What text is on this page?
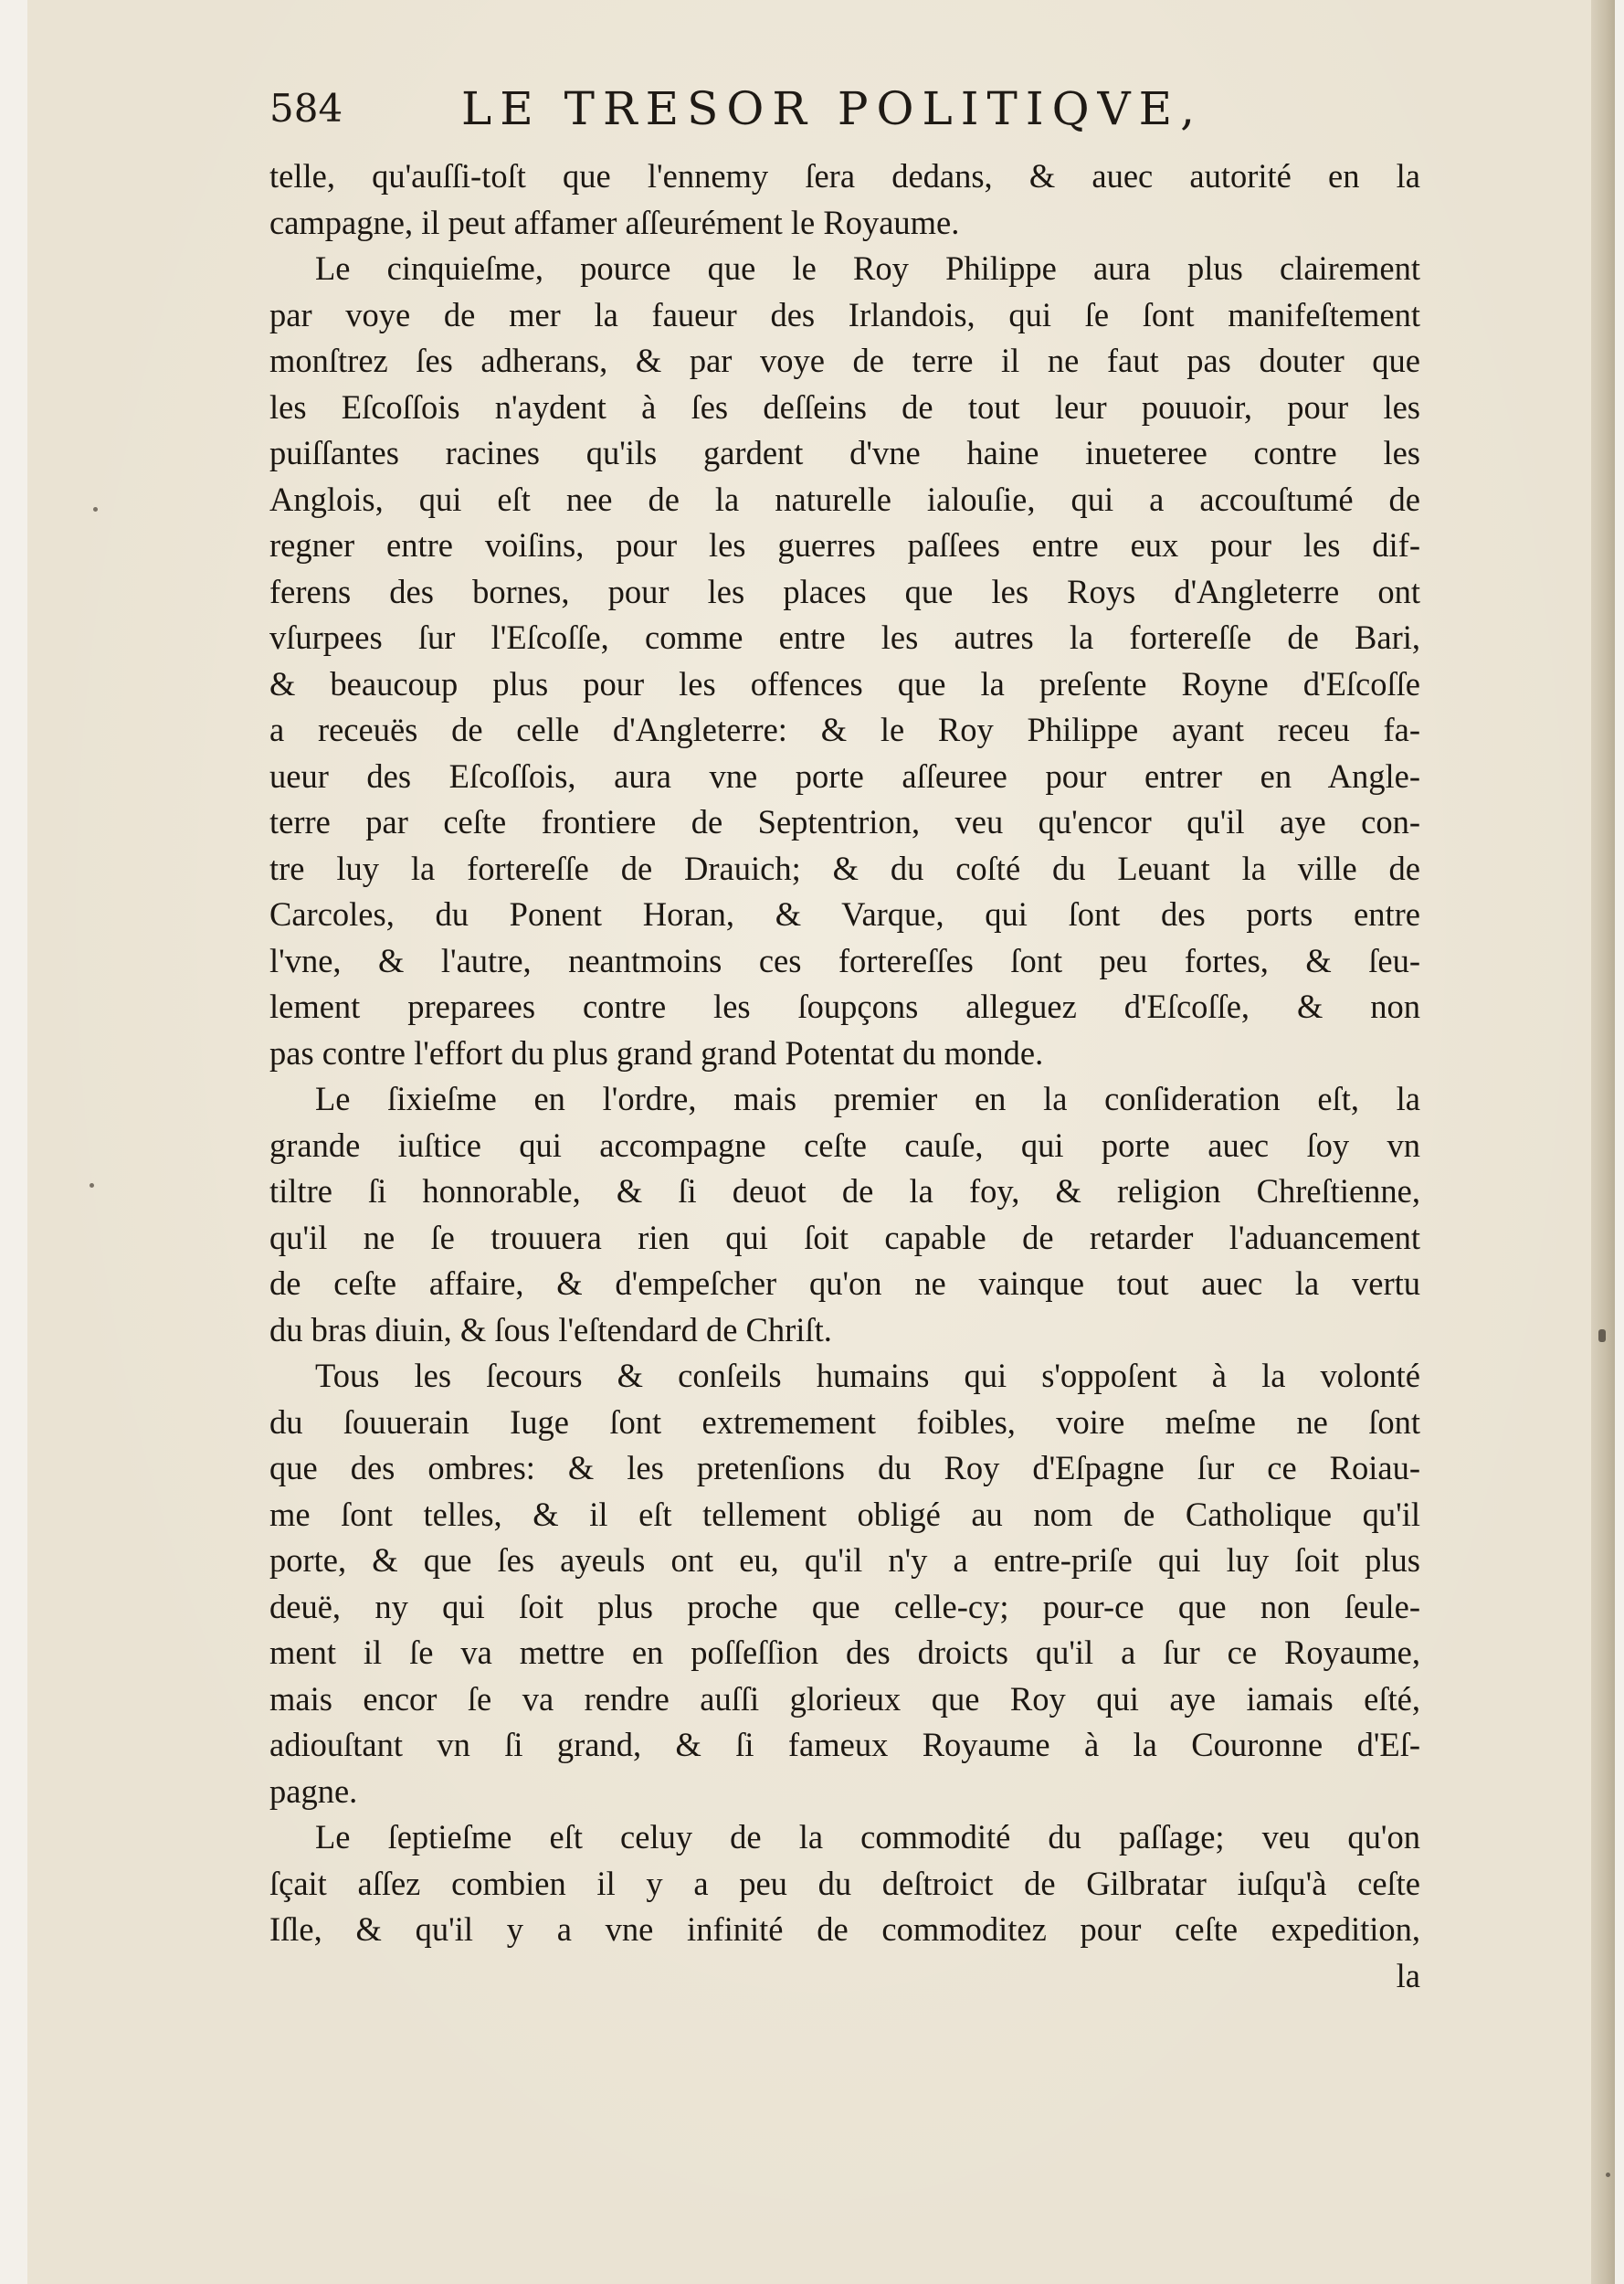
584	LE TRESOR POLITIQVE,
telle, qu'auſſi-toſt que l'ennemy ſera dedans, & auec autorité en la
campagne, il peut affamer aſſeurément le Royaume.
Le cinquieſme, pource que le Roy Philippe aura plus clairement
par voye de mer la faueur des Irlandois, qui ſe ſont manifeſtement
monſtrez ſes adherans, & par voye de terre il ne faut pas douter que
les Eſcoſſois n'aydent à ſes deſſeins de tout leur pouuoir, pour les
puiſſantes racines qu'ils gardent d'vne haine inueteree contre les
Anglois, qui eſt nee de la naturelle ialouſie, qui a accouſtumé de
regner entre voiſins, pour les guerres paſſees entre eux pour les dif-
ferens des bornes, pour les places que les Roys d'Angleterre ont
vſurpees ſur l'Eſcoſſe, comme entre les autres la fortereſſe de Bari,
& beaucoup plus pour les offences que la preſente Royne d'Eſcoſſe
a receuës de celle d'Angleterre: & le Roy Philippe ayant receu fa-
ueur des Eſcoſſois, aura vne porte aſſeuree pour entrer en Angle-
terre par ceſte frontiere de Septentrion, veu qu'encor qu'il aye con-
tre luy la fortereſſe de Drauich; & du coſté du Leuant la ville de
Carcoles, du Ponent Horan, & Varque, qui ſont des ports entre
l'vne, & l'autre, neantmoins ces fortereſſes ſont peu fortes, & ſeu-
lement preparees contre les ſoupçons alleguez d'Eſcoſſe, & non
pas contre l'effort du plus grand grand Potentat du monde.
Le ſixieſme en l'ordre, mais premier en la conſideration eſt, la
grande iuſtice qui accompagne ceſte cauſe, qui porte auec ſoy vn
tiltre ſi honnorable, & ſi deuot de la foy, & religion Chreſtienne,
qu'il ne ſe trouuera rien qui ſoit capable de retarder l'aduancement
de ceſte affaire, & d'empeſcher qu'on ne vainque tout auec la vertu
du bras diuin, & ſous l'eſtendard de Chriſt.
Tous les ſecours & conſeils humains qui s'oppoſent à la volonté
du ſouuerain Iuge ſont extremement foibles, voire meſme ne ſont
que des ombres: & les pretenſions du Roy d'Eſpagne ſur ce Roiau-
me ſont telles, & il eſt tellement obligé au nom de Catholique qu'il
porte, & que ſes ayeuls ont eu, qu'il n'y a entre-priſe qui luy ſoit plus
deuë, ny qui ſoit plus proche que celle-cy; pour-ce que non ſeule-
ment il ſe va mettre en poſſeſſion des droicts qu'il a ſur ce Royaume,
mais encor ſe va rendre auſſi glorieux que Roy qui aye iamais eſté,
adiouſtant vn ſi grand, & ſi fameux Royaume à la Couronne d'Eſ-
pagne.
Le ſeptieſme eſt celuy de la commodité du paſſage; veu qu'on
ſçait aſſez combien il y a peu du deſtroict de Gilbratar iuſqu'à ceſte
Iſle, & qu'il y a vne infinité de commoditez pour ceſte expedition,
la
